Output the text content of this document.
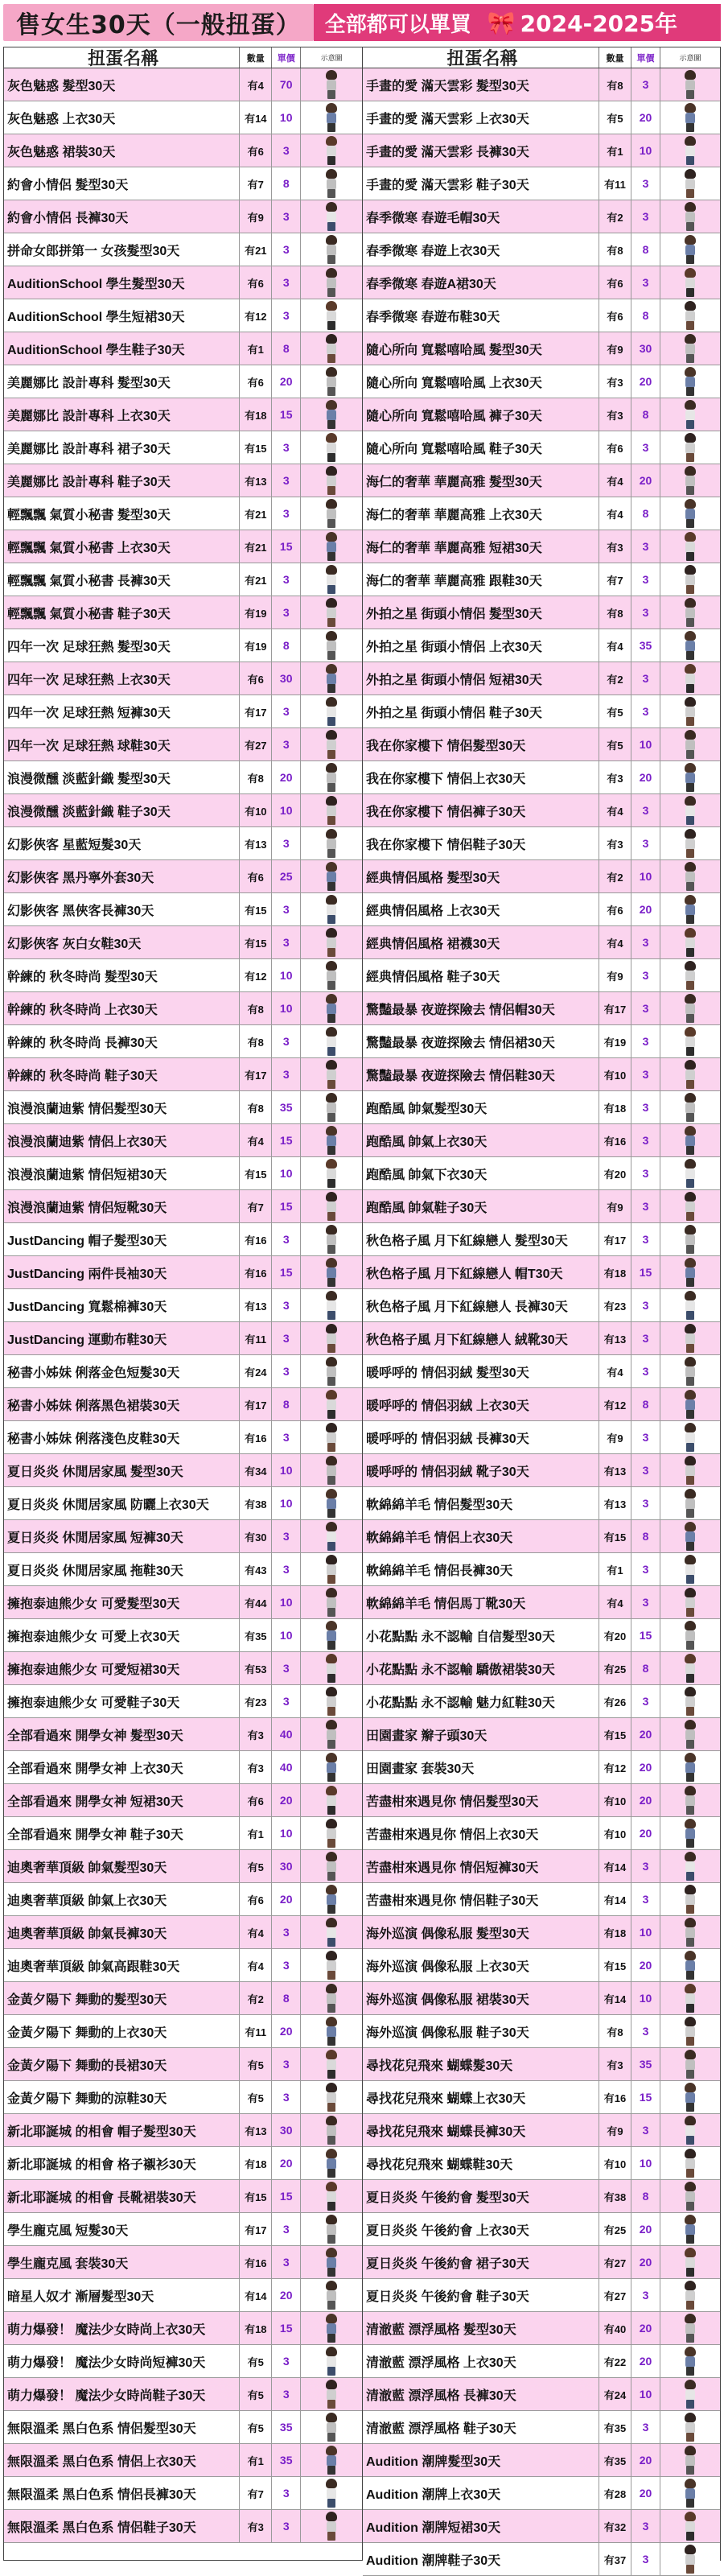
售女生30天（一般扭蛋） 全部都可以單買 🎀 2024-2025年
扭蛋名稱	數量	單價	示意圖
灰色魅惑 髮型30天	有4	70
灰色魅惑 上衣30天	有14	10
灰色魅惑 裙裝30天	有6	3
約會小情侶 髮型30天	有7	8
約會小情侶 長褲30天	有9	3
拼命女郎拼第一 女孩髮型30天	有21	3
AuditionSchool 學生髮型30天	有6	3
AuditionSchool 學生短裙30天	有12	3
AuditionSchool 學生鞋子30天	有1	8
美麗娜比 設計專科 髮型30天	有6	20
美麗娜比 設計專科 上衣30天	有18	15
美麗娜比 設計專科 裙子30天	有15	3
美麗娜比 設計專科 鞋子30天	有13	3
輕飄飄 氣質小秘書 髮型30天	有21	3
輕飄飄 氣質小秘書 上衣30天	有21	15
輕飄飄 氣質小秘書 長褲30天	有21	3
輕飄飄 氣質小秘書 鞋子30天	有19	3
四年一次 足球狂熱 髮型30天	有19	8
四年一次 足球狂熱 上衣30天	有6	30
四年一次 足球狂熱 短褲30天	有17	3
四年一次 足球狂熱 球鞋30天	有27	3
浪漫微醺 淡藍針織 髮型30天	有8	20
浪漫微醺 淡藍針織 鞋子30天	有10	10
幻影俠客 星藍短髮30天	有13	3
幻影俠客 黑丹寧外套30天	有6	25
幻影俠客 黑俠客長褲30天	有15	3
幻影俠客 灰白女鞋30天	有15	3
幹練的 秋冬時尚 髮型30天	有12	10
幹練的 秋冬時尚 上衣30天	有8	10
幹練的 秋冬時尚 長褲30天	有8	3
幹練的 秋冬時尚 鞋子30天	有17	3
浪漫浪蘭迪紫 情侶髮型30天	有8	35
浪漫浪蘭迪紫 情侶上衣30天	有4	15
浪漫浪蘭迪紫 情侶短裙30天	有15	10
浪漫浪蘭迪紫 情侶短靴30天	有7	15
JustDancing 帽子髮型30天	有16	3
JustDancing 兩件長袖30天	有16	15
JustDancing 寬鬆棉褲30天	有13	3
JustDancing 運動布鞋30天	有11	3
秘書小姊妹 俐落金色短髮30天	有24	3
秘書小姊妹 俐落黑色裙裝30天	有17	8
秘書小姊妹 俐落淺色皮鞋30天	有16	3
夏日炎炎 休閒居家風 髮型30天	有34	10
夏日炎炎 休閒居家風 防曬上衣30天	有38	10
夏日炎炎 休閒居家風 短褲30天	有30	3
夏日炎炎 休閒居家風 拖鞋30天	有43	3
擁抱泰迪熊少女 可愛髮型30天	有44	10
擁抱泰迪熊少女 可愛上衣30天	有35	10
擁抱泰迪熊少女 可愛短裙30天	有53	3
擁抱泰迪熊少女 可愛鞋子30天	有23	3
全部看過來 開學女神 髮型30天	有3	40
全部看過來 開學女神 上衣30天	有3	40
全部看過來 開學女神 短裙30天	有6	20
全部看過來 開學女神 鞋子30天	有1	10
迪奧奢華頂級 帥氣髮型30天	有5	30
迪奧奢華頂級 帥氣上衣30天	有6	20
迪奧奢華頂級 帥氣長褲30天	有4	3
迪奧奢華頂級 帥氣高跟鞋30天	有4	3
金黃夕陽下 舞動的髮型30天	有2	8
金黃夕陽下 舞動的上衣30天	有11	20
金黃夕陽下 舞動的長裙30天	有5	3
金黃夕陽下 舞動的涼鞋30天	有5	3
新北耶誕城 的相會 帽子髮型30天	有13	30
新北耶誕城 的相會 格子襯衫30天	有18	20
新北耶誕城 的相會 長靴裙裝30天	有15	15
學生龐克風 短髮30天	有17	3
學生龐克風 套裝30天	有16	3
暗星人奴才 漸層髮型30天	有14	20
萌力爆發！ 魔法少女時尚上衣30天	有18	15
萌力爆發！ 魔法少女時尚短褲30天	有5	3
萌力爆發！ 魔法少女時尚鞋子30天	有5	3
無限溫柔 黑白色系 情侶髮型30天	有5	35
無限溫柔 黑白色系 情侶上衣30天	有1	35
無限溫柔 黑白色系 情侶長褲30天	有7	3
無限溫柔 黑白色系 情侶鞋子30天	有3	3
扭蛋名稱	數量	單價	示意圖
手畫的愛 滿天雲彩 髮型30天	有8	3
手畫的愛 滿天雲彩 上衣30天	有5	20
手畫的愛 滿天雲彩 長褲30天	有1	10
手畫的愛 滿天雲彩 鞋子30天	有11	3
春季微寒 春遊毛帽30天	有2	3
春季微寒 春遊上衣30天	有8	8
春季微寒 春遊A裙30天	有6	3
春季微寒 春遊布鞋30天	有6	8
隨心所向 寬鬆嘻哈風 髮型30天	有9	30
隨心所向 寬鬆嘻哈風 上衣30天	有3	20
隨心所向 寬鬆嘻哈風 褲子30天	有3	8
隨心所向 寬鬆嘻哈風 鞋子30天	有6	3
海仁的奢華 華麗高雅 髮型30天	有4	20
海仁的奢華 華麗高雅 上衣30天	有4	8
海仁的奢華 華麗高雅 短裙30天	有3	3
海仁的奢華 華麗高雅 跟鞋30天	有7	3
外拍之星 街頭小情侶 髮型30天	有8	3
外拍之星 街頭小情侶 上衣30天	有4	35
外拍之星 街頭小情侶 短裙30天	有2	3
外拍之星 街頭小情侶 鞋子30天	有5	3
我在你家樓下 情侶髮型30天	有5	10
我在你家樓下 情侶上衣30天	有3	20
我在你家樓下 情侶褲子30天	有4	3
我在你家樓下 情侶鞋子30天	有3	3
經典情侶風格 髮型30天	有2	10
經典情侶風格 上衣30天	有6	20
經典情侶風格 裙襪30天	有4	3
經典情侶風格 鞋子30天	有9	3
驚豔最暴 夜遊探險去 情侶帽30天	有17	3
驚豔最暴 夜遊探險去 情侶裙30天	有19	3
驚豔最暴 夜遊探險去 情侶鞋30天	有10	3
跑酷風 帥氣髮型30天	有18	3
跑酷風 帥氣上衣30天	有16	3
跑酷風 帥氣下衣30天	有20	3
跑酷風 帥氣鞋子30天	有9	3
秋色格子風 月下紅線戀人 髮型30天	有17	3
秋色格子風 月下紅線戀人 帽T30天	有18	15
秋色格子風 月下紅線戀人 長褲30天	有23	3
秋色格子風 月下紅線戀人 絨靴30天	有13	3
暖呼呼的 情侶羽絨 髮型30天	有4	3
暖呼呼的 情侶羽絨 上衣30天	有12	8
暖呼呼的 情侶羽絨 長褲30天	有9	3
暖呼呼的 情侶羽絨 靴子30天	有13	3
軟綿綿羊毛 情侶髮型30天	有13	3
軟綿綿羊毛 情侶上衣30天	有15	8
軟綿綿羊毛 情侶長褲30天	有1	3
軟綿綿羊毛 情侶馬丁靴30天	有4	3
小花點點 永不認輸 自信髮型30天	有20	15
小花點點 永不認輸 驕傲裙裝30天	有25	8
小花點點 永不認輸 魅力紅鞋30天	有26	3
田園畫家 辮子頭30天	有15	20
田園畫家 套裝30天	有12	20
苦盡柑來遇見你 情侶髮型30天	有10	20
苦盡柑來遇見你 情侶上衣30天	有10	20
苦盡柑來遇見你 情侶短褲30天	有14	3
苦盡柑來遇見你 情侶鞋子30天	有14	3
海外巡演 偶像私服 髮型30天	有18	10
海外巡演 偶像私服 上衣30天	有15	20
海外巡演 偶像私服 裙裝30天	有14	10
海外巡演 偶像私服 鞋子30天	有8	3
尋找花兒飛來 蝴蝶髮30天	有3	35
尋找花兒飛來 蝴蝶上衣30天	有16	15
尋找花兒飛來 蝴蝶長褲30天	有9	3
尋找花兒飛來 蝴蝶鞋30天	有10	10
夏日炎炎 午後約會 髮型30天	有38	8
夏日炎炎 午後約會 上衣30天	有25	20
夏日炎炎 午後約會 裙子30天	有27	20
夏日炎炎 午後約會 鞋子30天	有27	3
清澈藍 漂浮風格 髮型30天	有40	20
清澈藍 漂浮風格 上衣30天	有22	20
清澈藍 漂浮風格 長褲30天	有24	10
清澈藍 漂浮風格 鞋子30天	有35	3
Audition 潮牌髮型30天	有35	20
Audition 潮牌上衣30天	有28	20
Audition 潮牌短裙30天	有32	3
Audition 潮牌鞋子30天	有37	3
